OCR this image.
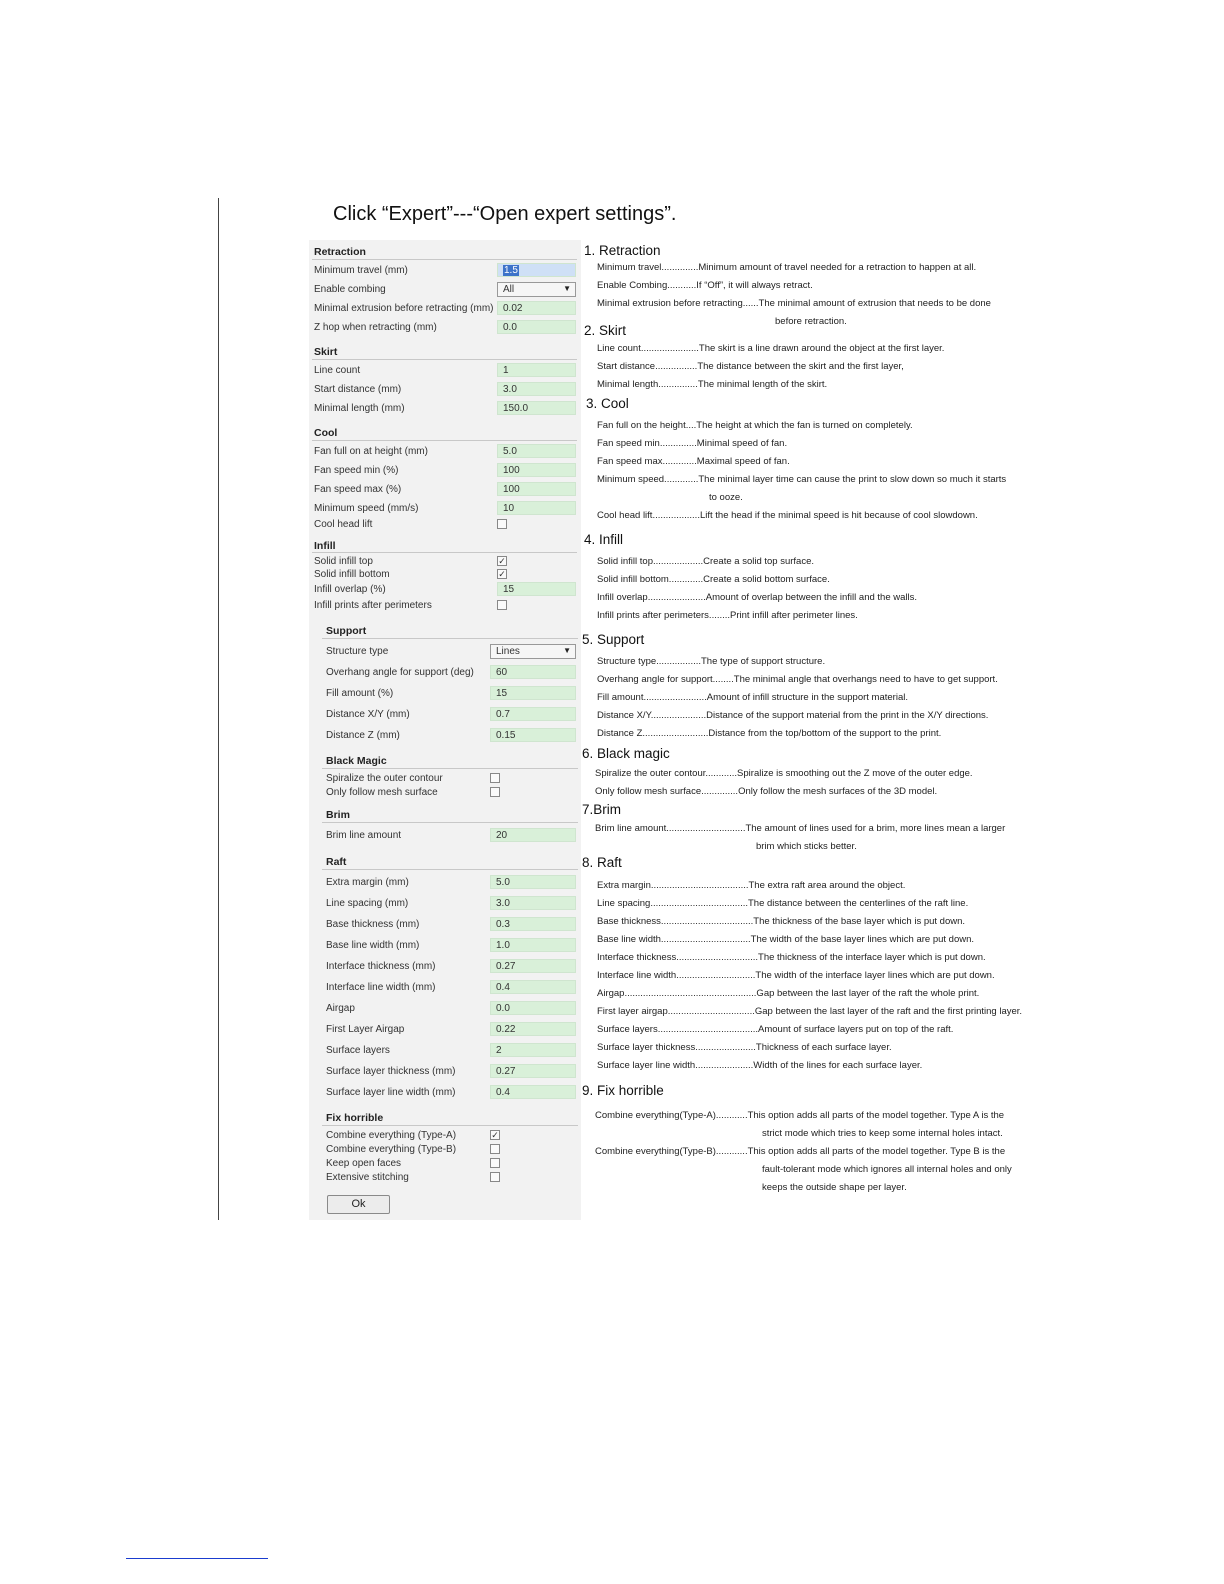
Click “Expert”---“Open expert settings”.
Retraction
Minimum travel (mm)	1.5
Enable combing	All	▼
Minimal extrusion before retracting (mm) 0.02
Z hop when retracting (mm)	0.0
Skirt
Line count	1
Start distance (mm)	3.0
Minimal length (mm)	150.0
Cool
Fan full on at height (mm)	5.0
Fan speed min (%)	100
Fan speed max (%)	100
Minimum speed (mm/s)	10
Cool head lift
Infill
Solid infill top	✓
Solid infill bottom	✓
Infill overlap (%)	15
Infill prints after perimeters
Support
Structure type	Lines	▼
Overhang angle for support (deg)	60
Fill amount (%)	15
Distance X/Y (mm)	0.7
Distance Z (mm)	0.15
Black Magic
Spiralize the outer contour
Only follow mesh surface
Brim
Brim line amount	20
Raft
Extra margin (mm)	5.0
Line spacing (mm)	3.0
Base thickness (mm)	0.3
Base line width (mm)	1.0
Interface thickness (mm)	0.27
Interface line width (mm)	0.4
Airgap	0.0
First Layer Airgap	0.22
Surface layers	2
Surface layer thickness (mm)	0.27
Surface layer line width (mm)	0.4
Fix horrible
Combine everything (Type-A)	✓
Combine everything (Type-B)
Keep open faces
Extensive stitching
Ok
1. Retraction
Minimum travel..............Minimum amount of travel needed for a retraction to happen at all.
Enable Combing...........If “Off”, it will always retract.
Minimal extrusion before retracting......The minimal amount of extrusion that needs to be done
before retraction.
2. Skirt
Line count......................The skirt is a line drawn around the object at the first layer.
Start distance................The distance between the skirt and the first layer,
Minimal length...............The minimal length of the skirt.
3. Cool
Fan full on the height....The height at which the fan is turned on completely.
Fan speed min..............Minimal speed of fan.
Fan speed max.............Maximal speed of fan.
Minimum speed.............The minimal layer time can cause the print to slow down so much it starts
to ooze.
Cool head lift..................Lift the head if the minimal speed is hit because of cool slowdown.
4. Infill
Solid infill top...................Create a solid top surface.
Solid infill bottom.............Create a solid bottom surface.
Infill overlap......................Amount of overlap between the infill and the walls.
Infill prints after perimeters........Print infill after perimeter lines.
5. Support
Structure type.................The type of support structure.
Overhang angle for support........The minimal angle that overhangs need to have to get support.
Fill amount........................Amount of infill structure in the support material.
Distance X/Y.....................Distance of the support material from the print in the X/Y directions.
Distance Z.........................Distance from the top/bottom of the support to the print.
6. Black magic
Spiralize the outer contour............Spiralize is smoothing out the Z move of the outer edge.
Only follow mesh surface..............Only follow the mesh surfaces of the 3D model.
7.Brim
Brim line amount..............................The amount of lines used for a brim, more lines mean a larger
brim which sticks better.
8. Raft
Extra margin.....................................The extra raft area around the object.
Line spacing.....................................The distance between the centerlines of the raft line.
Base thickness...................................The thickness of the base layer which is put down.
Base line width..................................The width of the base layer lines which are put down.
Interface thickness...............................The thickness of the interface layer which is put down.
Interface line width..............................The width of the interface layer lines which are put down.
Airgap..................................................Gap between the last layer of the raft the whole print.
First layer airgap.................................Gap between the last layer of the raft and the first printing layer.
Surface layers......................................Amount of surface layers put on top of the raft.
Surface layer thickness.......................Thickness of each surface layer.
Surface layer line width......................Width of the lines for each surface layer.
9. Fix horrible
Combine everything(Type-A)............This option adds all parts of the model together. Type A is the
strict mode which tries to keep some internal holes intact.
Combine everything(Type-B)............This option adds all parts of the model together. Type B is the
fault-tolerant mode which ignores all internal holes and only
keeps the outside shape per layer.
